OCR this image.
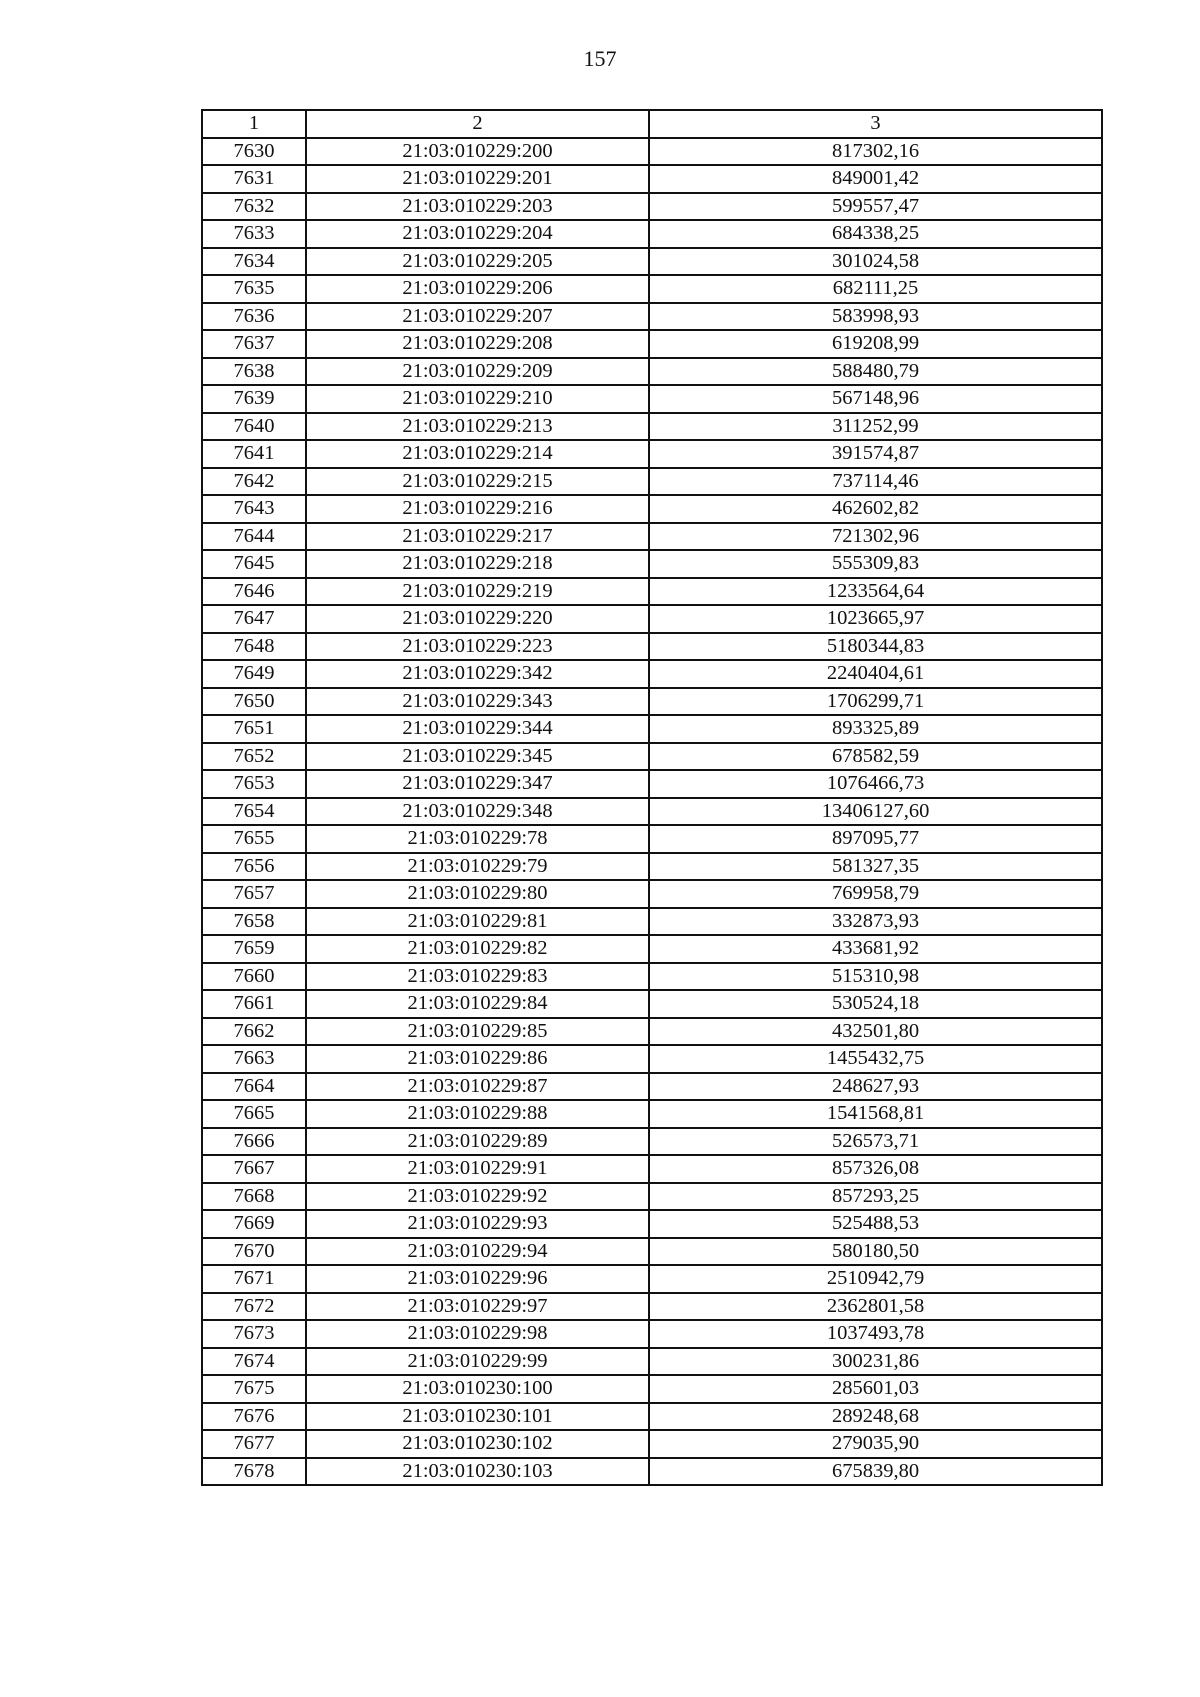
157
1	2	3
7630	21:03:010229:200	817302,16
7631	21:03:010229:201	849001,42
7632	21:03:010229:203	599557,47
7633	21:03:010229:204	684338,25
7634	21:03:010229:205	301024,58
7635	21:03:010229:206	682111,25
7636	21:03:010229:207	583998,93
7637	21:03:010229:208	619208,99
7638	21:03:010229:209	588480,79
7639	21:03:010229:210	567148,96
7640	21:03:010229:213	311252,99
7641	21:03:010229:214	391574,87
7642	21:03:010229:215	737114,46
7643	21:03:010229:216	462602,82
7644	21:03:010229:217	721302,96
7645	21:03:010229:218	555309,83
7646	21:03:010229:219	1233564,64
7647	21:03:010229:220	1023665,97
7648	21:03:010229:223	5180344,83
7649	21:03:010229:342	2240404,61
7650	21:03:010229:343	1706299,71
7651	21:03:010229:344	893325,89
7652	21:03:010229:345	678582,59
7653	21:03:010229:347	1076466,73
7654	21:03:010229:348	13406127,60
7655	21:03:010229:78	897095,77
7656	21:03:010229:79	581327,35
7657	21:03:010229:80	769958,79
7658	21:03:010229:81	332873,93
7659	21:03:010229:82	433681,92
7660	21:03:010229:83	515310,98
7661	21:03:010229:84	530524,18
7662	21:03:010229:85	432501,80
7663	21:03:010229:86	1455432,75
7664	21:03:010229:87	248627,93
7665	21:03:010229:88	1541568,81
7666	21:03:010229:89	526573,71
7667	21:03:010229:91	857326,08
7668	21:03:010229:92	857293,25
7669	21:03:010229:93	525488,53
7670	21:03:010229:94	580180,50
7671	21:03:010229:96	2510942,79
7672	21:03:010229:97	2362801,58
7673	21:03:010229:98	1037493,78
7674	21:03:010229:99	300231,86
7675	21:03:010230:100	285601,03
7676	21:03:010230:101	289248,68
7677	21:03:010230:102	279035,90
7678	21:03:010230:103	675839,80
